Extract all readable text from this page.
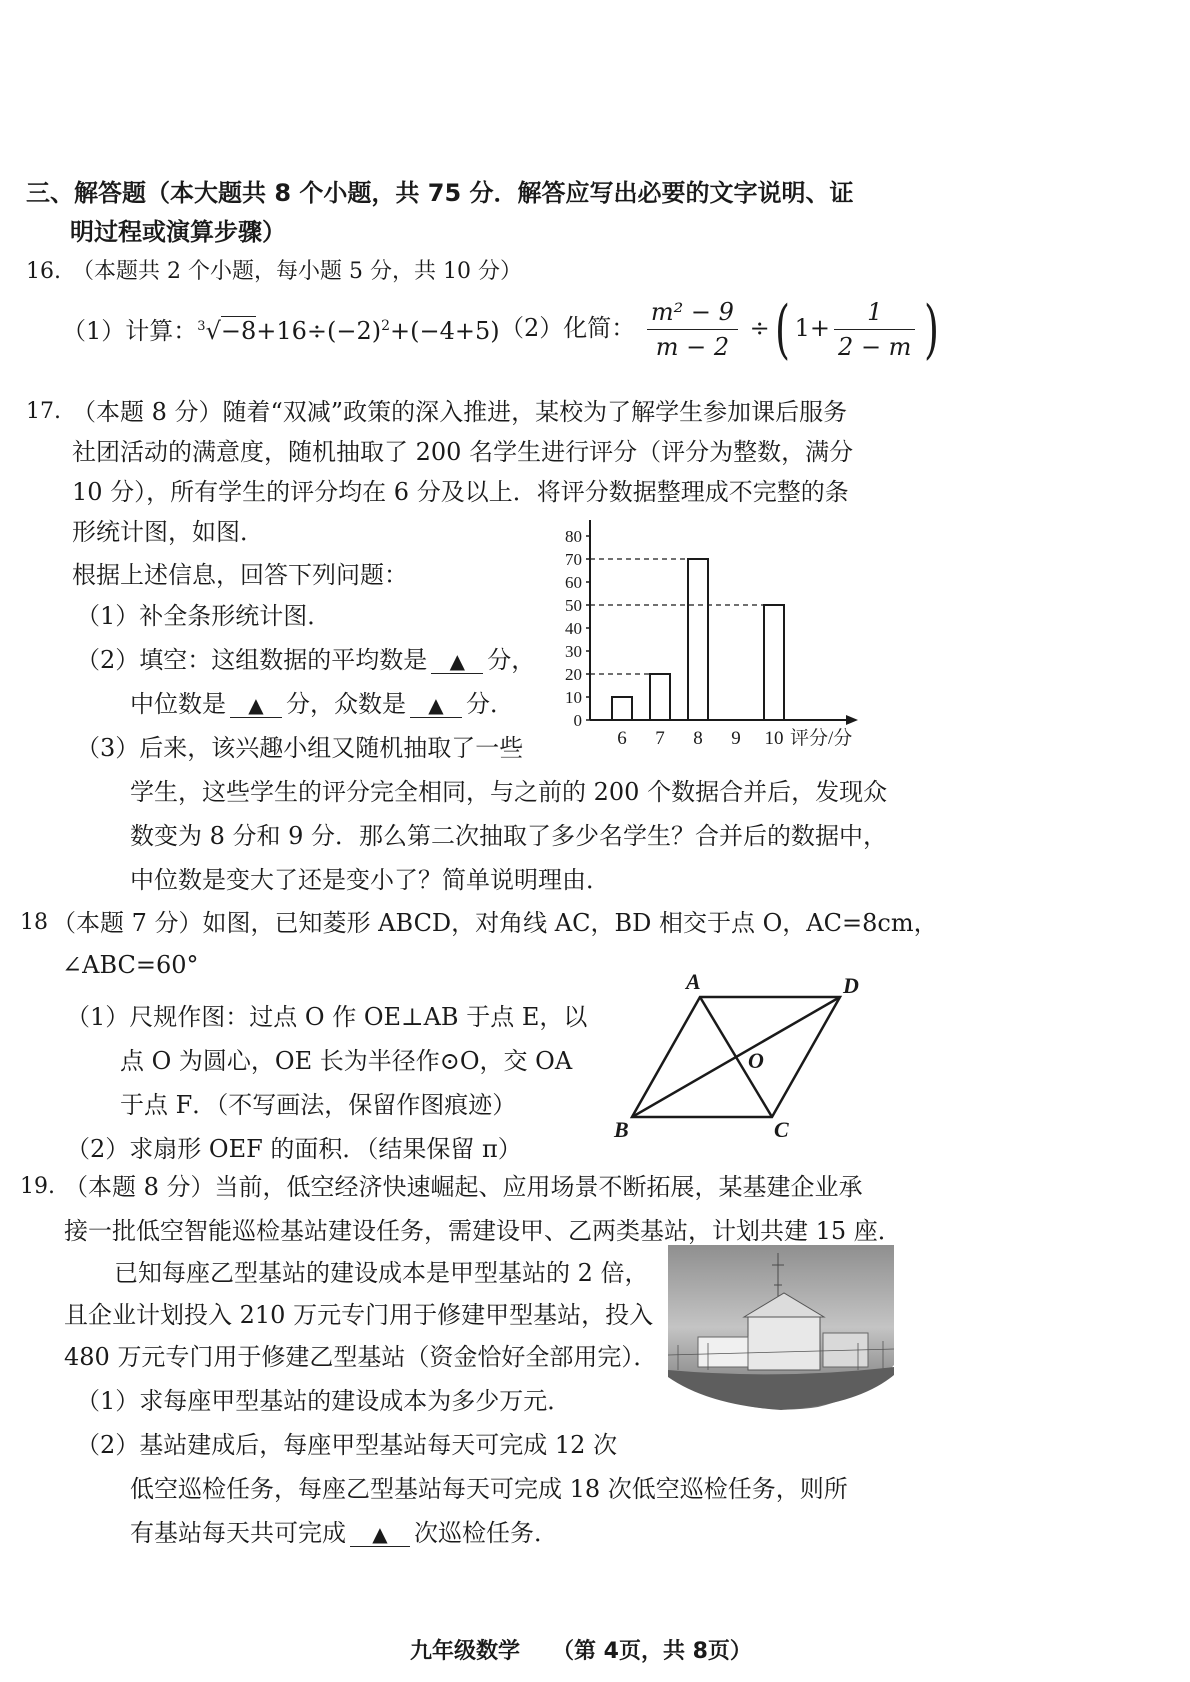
三、解答题（本大题共 8 个小题，共 75 分．解答应写出必要的文字说明、证
明过程或演算步骤）
16. （本题共 2 个小题，每小题 5 分，共 10 分）
（1）计算：$^3√-8+16\div(-2)^2+(-4+5)$ （2）化简： $\frac{\text{m² − 9}}{m - 2}$ ÷( $1+ \frac{1}{2 - m}$ )
17. （本题 8 分）随着“双减”政策的深入推进，某校为了解学生参加课后服务
社团活动的满意度，随机抽取了 200 名学生进行评分（评分为整数，满分
10 分），所有学生的评分均在 6 分及以上．将评分数据整理成不完整的条
形统计图，如图．
根据上述信息，回答下列问题：
（1）补全条形统计图．
（2）填空：这组数据的平均数是 ▲ 分，
中位数是 ▲ 分，众数是 ▲ 分．
（3）后来，该兴趣小组又随机抽取了一些
学生，这些学生的评分完全相同，与之前的 200 个数据合并后，发现众
数变为 8 分和 9 分．那么第二次抽取了多少名学生？合并后的数据中，
中位数是变大了还是变小了？简单说明理由．
0
10
20
30
40
50
60
70
80
6 7 8 9 10 评分/分
18 （本题 7 分）如图，已知菱形 ABCD，对角线 AC，BD 相交于点 O，AC=8cm，
∠ABC=60°
（1）尺规作图：过点 O 作 OE⊥AB 于点 E，以
点 O 为圆心，OE 长为半径作⊙O，交 OA
于点 F．（不写画法，保留作图痕迹）
（2）求扇形 OEF 的面积．（结果保留 π）
A	D
B	C
O
19. （本题 8 分）当前，低空经济快速崛起、应用场景不断拓展，某基建企业承
接一批低空智能巡检基站建设任务，需建设甲、乙两类基站，计划共建 15 座．
已知每座乙型基站的建设成本是甲型基站的 2 倍，
且企业计划投入 210 万元专门用于修建甲型基站，投入
480 万元专门用于修建乙型基站（资金恰好全部用完）．
（1）求每座甲型基站的建设成本为多少万元．
（2）基站建成后，每座甲型基站每天可完成 12 次
低空巡检任务，每座乙型基站每天可完成 18 次低空巡检任务，则所
有基站每天共可完成 ▲ 次巡检任务．
九年级数学 （第 4页，共 8页）
